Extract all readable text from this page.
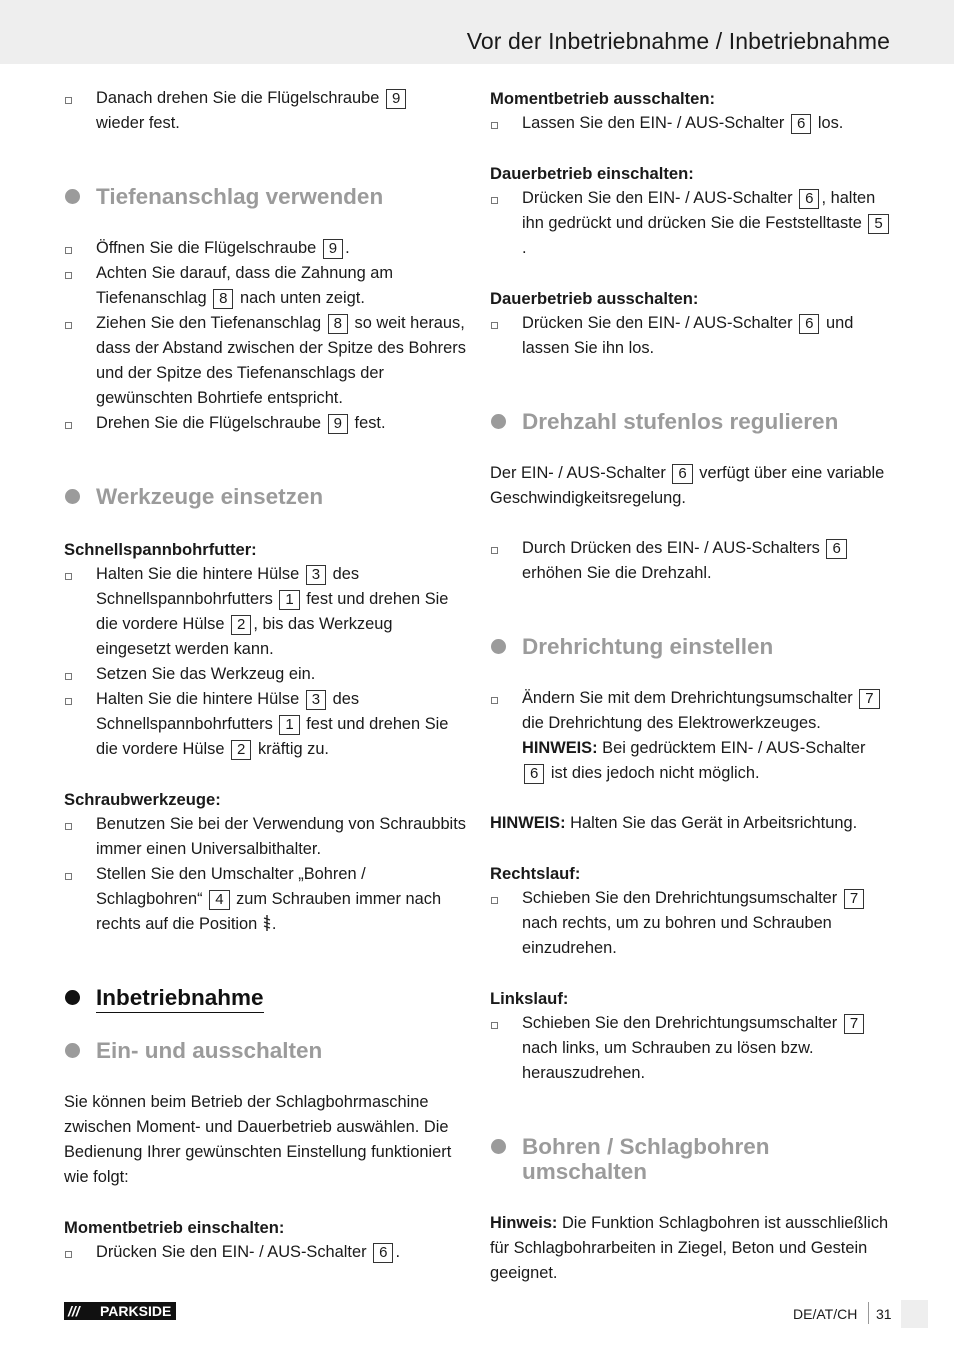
Vor der Inbetriebnahme / Inbetriebnahme
Danach drehen Sie die Flügelschraube 9
wieder fest.
Tiefenanschlag verwenden
Öffnen Sie die Flügelschraube 9 .
Achten Sie darauf, dass die Zahnung am Tiefenanschlag 8 nach unten zeigt.
Ziehen Sie den Tiefenanschlag 8 so weit heraus, dass der Abstand zwischen der Spitze des Bohrers und der Spitze des Tiefenanschlags der gewünschten Bohrtiefe entspricht.
Drehen Sie die Flügelschraube 9 fest.
Werkzeuge einsetzen
Schnellspannbohrfutter:
Halten Sie die hintere Hülse 3 des Schnellspannbohrfutters 1 fest und drehen Sie die vordere Hülse 2 , bis das Werkzeug eingesetzt werden kann.
Setzen Sie das Werkzeug ein.
Halten Sie die hintere Hülse 3 des Schnellspannbohrfutters 1 fest und drehen Sie die vordere Hülse 2 kräftig zu.
Schraubwerkzeuge:
Benutzen Sie bei der Verwendung von Schraubbits immer einen Universalbithalter.
Stellen Sie den Umschalter „Bohren / Schlagbohren“ 4 zum Schrauben immer nach rechts auf die Position .
Inbetriebnahme
Ein- und ausschalten
Sie können beim Betrieb der Schlagbohrmaschine zwischen Moment- und Dauerbetrieb auswählen. Die Bedienung Ihrer gewünschten Einstellung funktioniert wie folgt:
Momentbetrieb einschalten:
Drücken Sie den EIN- / AUS-Schalter 6 .
Momentbetrieb ausschalten:
Lassen Sie den EIN- / AUS-Schalter 6 los.
Dauerbetrieb einschalten:
Drücken Sie den EIN- / AUS-Schalter 6 , halten ihn gedrückt und drücken Sie die Feststelltaste 5.
Dauerbetrieb ausschalten:
Drücken Sie den EIN- / AUS-Schalter 6 und lassen Sie ihn los.
Drehzahl stufenlos regulieren
Der EIN- / AUS-Schalter 6 verfügt über eine variable Geschwindigkeitsregelung.
Durch Drücken des EIN- / AUS-Schalters 6 erhöhen Sie die Drehzahl.
Drehrichtung einstellen
Ändern Sie mit dem Drehrichtungsumschalter 7 die Drehrichtung des Elektrowerkzeuges. HINWEIS: Bei gedrücktem EIN- / AUS-Schalter 6 ist dies jedoch nicht möglich.
HINWEIS: Halten Sie das Gerät in Arbeitsrichtung.
Rechtslauf:
Schieben Sie den Drehrichtungsumschalter 7 nach rechts, um zu bohren und Schrauben einzudrehen.
Linkslauf:
Schieben Sie den Drehrichtungsumschalter 7 nach links, um Schrauben zu lösen bzw. herauszudrehen.
Bohren / Schlagbohren
umschalten
Hinweis: Die Funktion Schlagbohren ist ausschließlich für Schlagbohrarbeiten in Ziegel, Beton und Gestein geeignet.
/// PARKSIDE	DE/AT/CH 31
